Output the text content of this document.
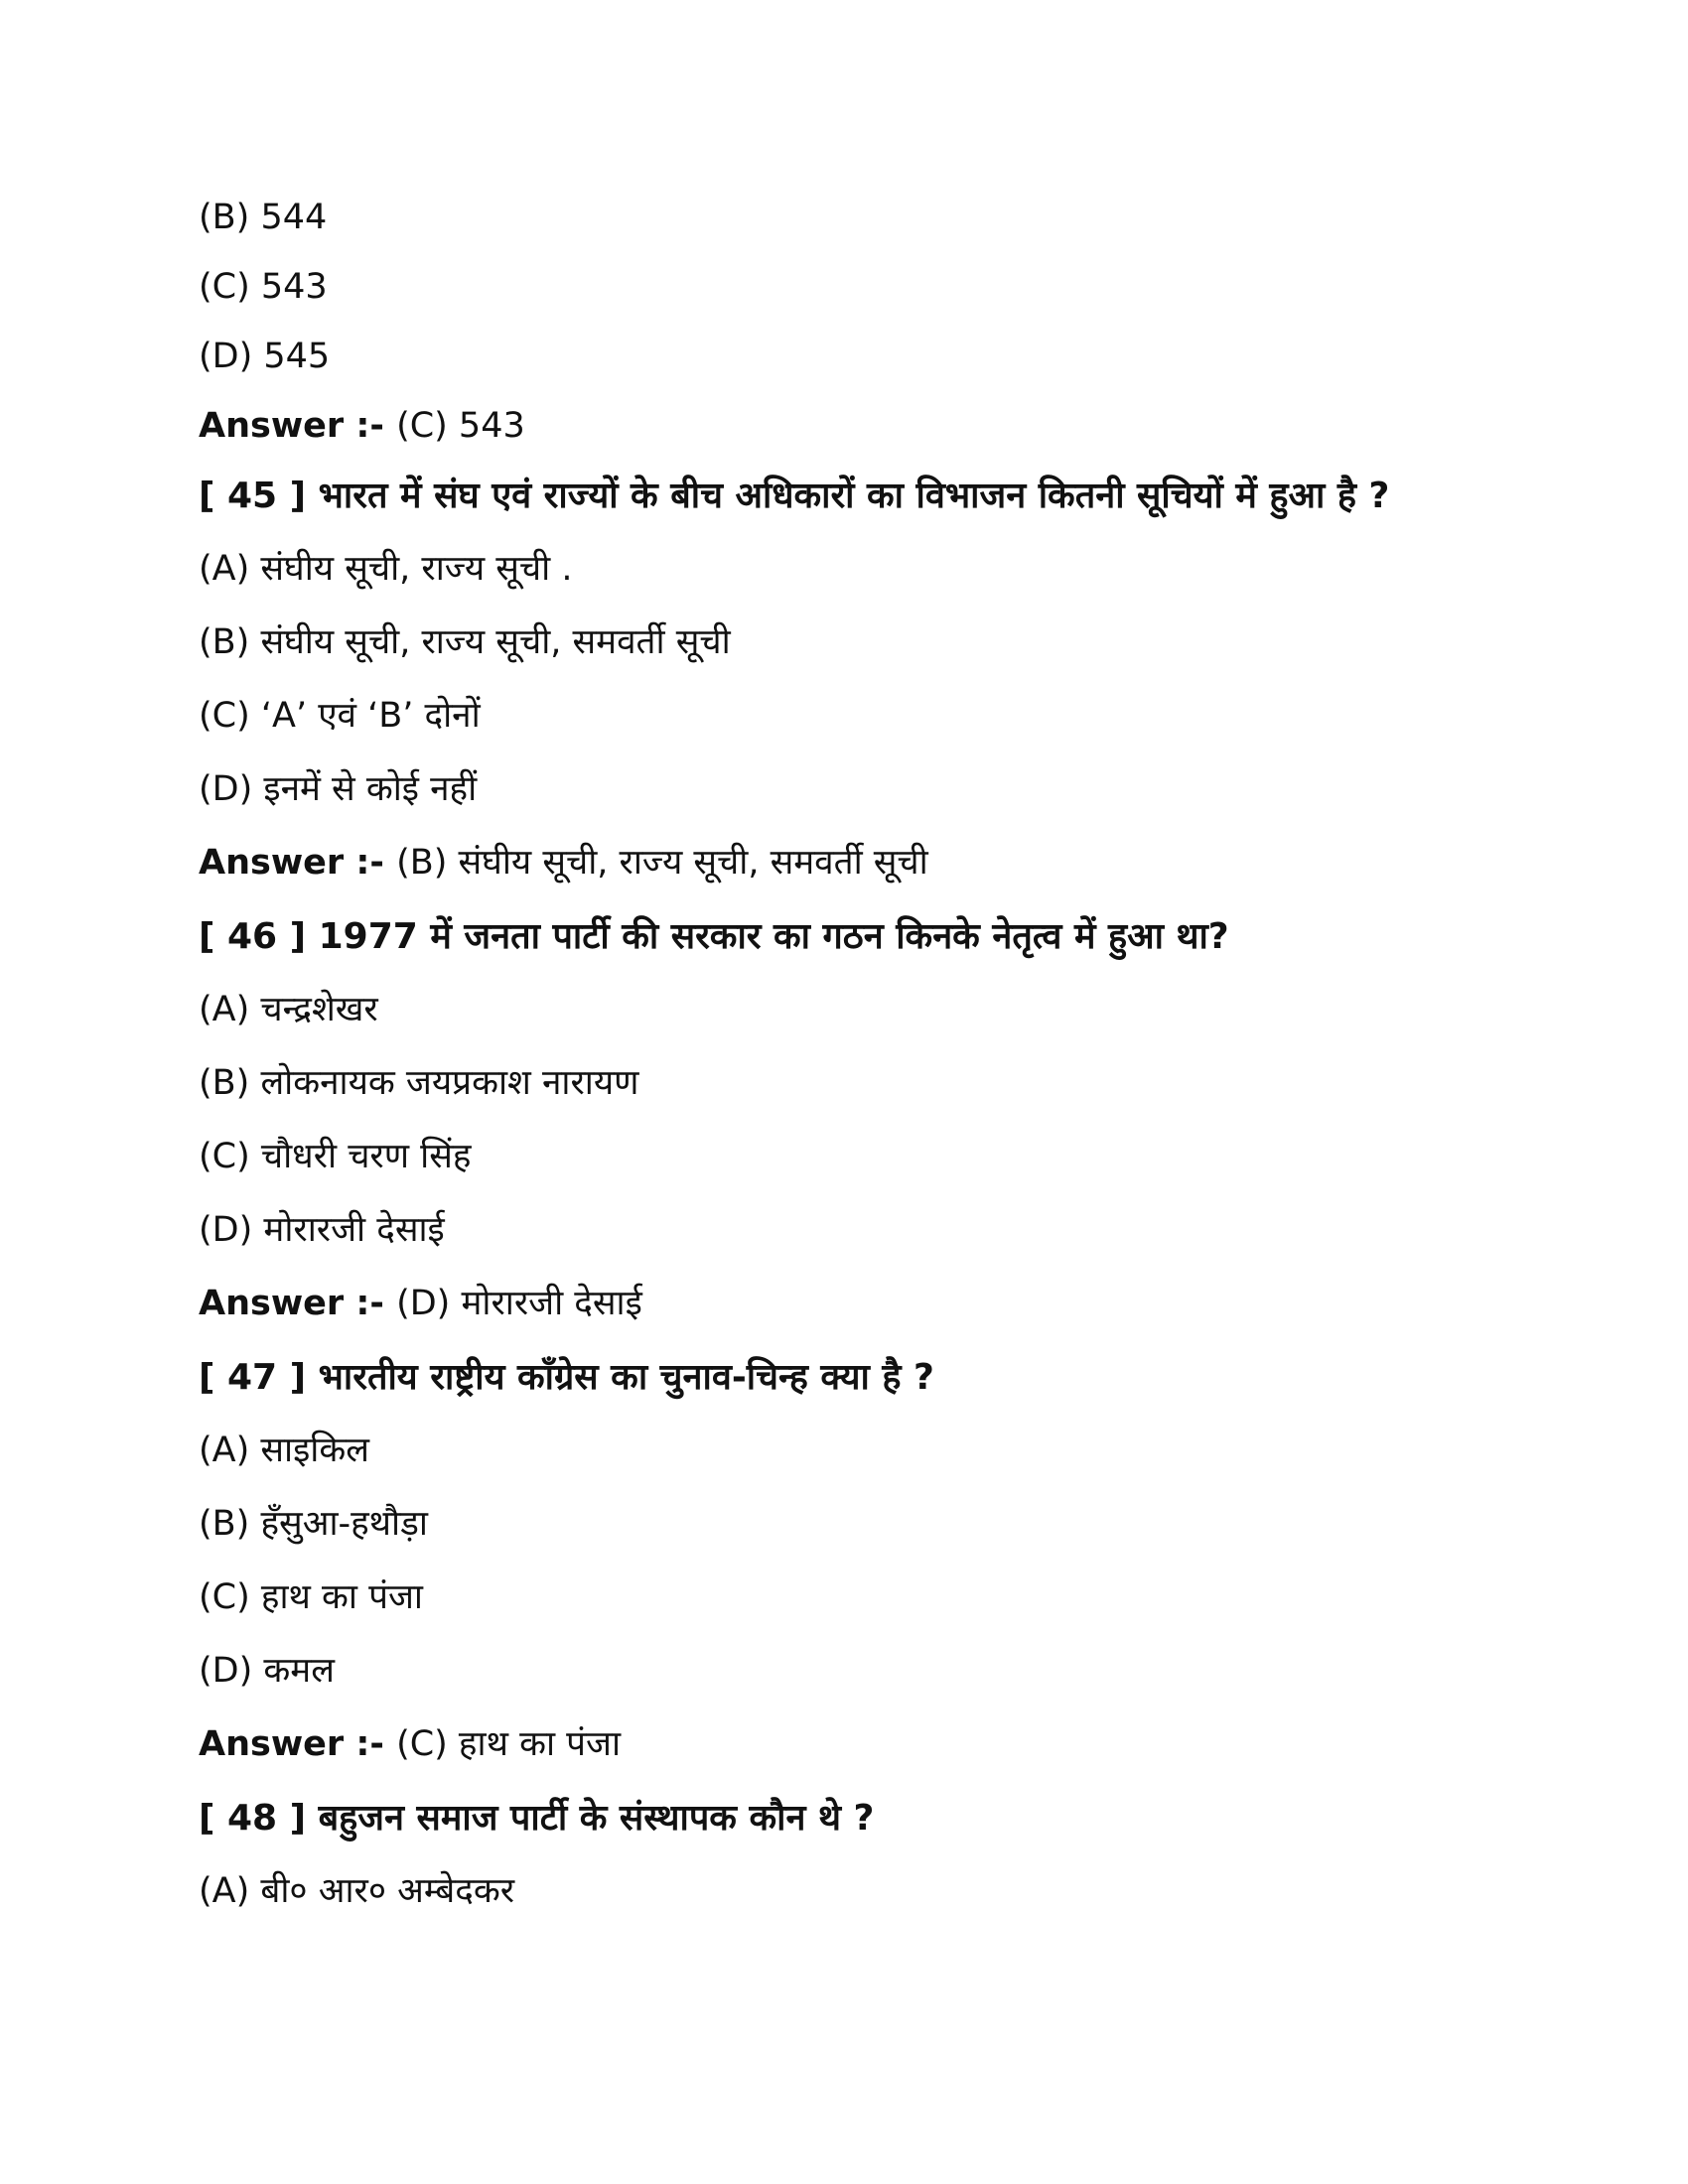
(B) 544
(C) 543
(D) 545
Answer :- (C) 543
[ 45 ] भारत में संघ एवं राज्यों के बीच अधिकारों का विभाजन कितनी सूचियों में हुआ है ?
(A) संघीय सूची, राज्य सूची .
(B) संघीय सूची, राज्य सूची, समवर्ती सूची
(C) ‘A’ एवं ‘B’ दोनों
(D) इनमें से कोई नहीं
Answer :- (B) संघीय सूची, राज्य सूची, समवर्ती सूची
[ 46 ] 1977 में जनता पार्टी की सरकार का गठन किनके नेतृत्व में हुआ था?
(A) चन्द्रशेखर
(B) लोकनायक जयप्रकाश नारायण
(C) चौधरी चरण सिंह
(D) मोरारजी देसाई
Answer :- (D) मोरारजी देसाई
[ 47 ] भारतीय राष्ट्रीय कॉंग्रेस का चुनाव-चिन्ह क्या है ?
(A) साइकिल
(B) हँसुआ-हथौड़ा
(C) हाथ का पंजा
(D) कमल
Answer :- (C) हाथ का पंजा
[ 48 ] बहुजन समाज पार्टी के संस्थापक कौन थे ?
(A) बी० आर० अम्बेदकर
